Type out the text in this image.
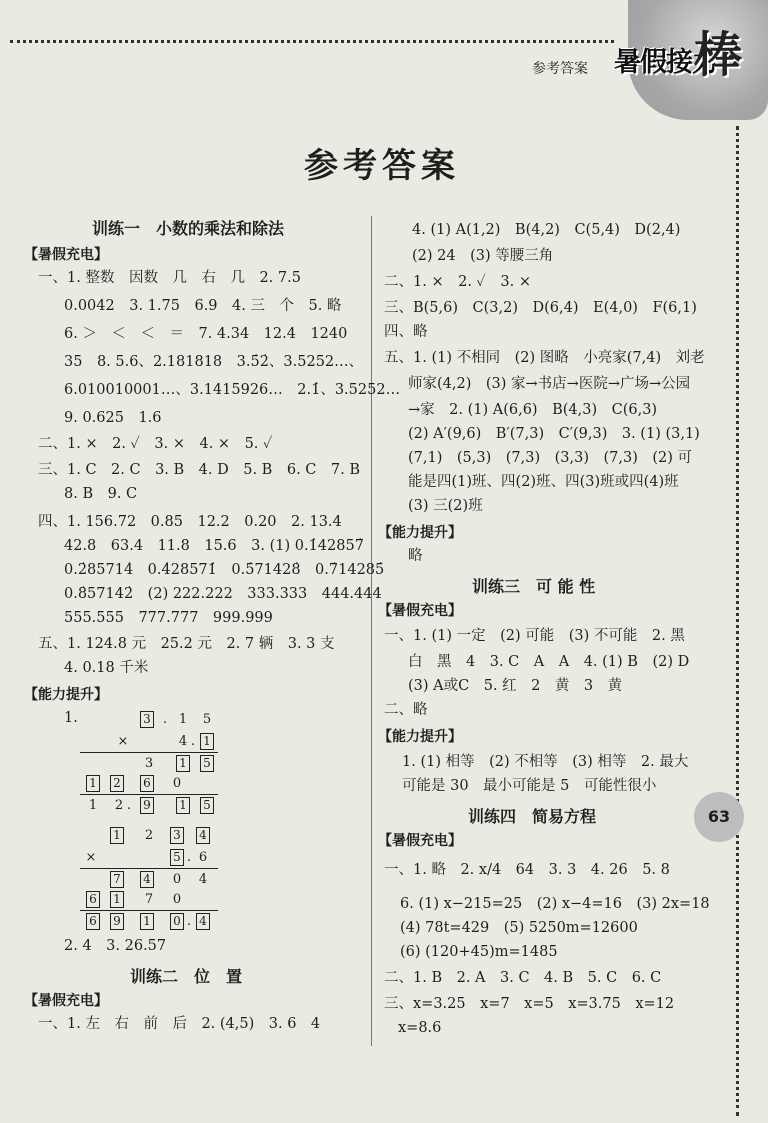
参考答案 暑假接力
棒
参考答案
训练一　小数的乘法和除法
【暑假充电】
一、1. 整数　因数　几　右　几　2. 7.5
0.0042　3. 1.75　6.9　4. 三　个　5. 略
6. ＞　＜　＜　＝　7. 4.34　12.4　1240
35　8. 5.6、2.181818　3.5̇2̇、3.5252…、
6.010010001…、3.1415926…　2.1̇、3.5252…
9. 0.625　1.6
二、1. ×　2. ✓　3. ×　4. ×　5. ✓
三、1. C　2. C　3. B　4. D　5. B　6. C　7. B
8. B　9. C
四、1. 156.72　0.85　12.2　0.20　2. 13.4
42.8　63.4　11.8　15.6　3. (1) 0.1̇42857̇
0.2̇85714̇　0.4̇28571̇　0.5̇71428̇　0.7̇14285̇
0.8̇57142̇　(2) 222.222　333.333　444.444
555.555　777.777　999.999
五、1. 124.8 元　25.2 元　2. 7 辆　3. 3 支
4. 0.18 千米
【能力提升】
1.	3 . 1 5
×	4 . 1
3 1 5
1 2 6 0
1 2 .	9 1 5
1 2 3 4
×	5 . 6
7 4 0 4
6 1 7 0
6 9 1 0 . 4
2. 4　3. 26.57
训练二　位　置
【暑假充电】
一、1. 左　右　前　后　2. (4,5)　3. 6　4
4. (1) A(1,2)　B(4,2)　C(5,4)　D(2,4)
(2) 24　(3) 等腰三角
二、1. ×　2. ✓　3. ×
三、B(5,6)　C(3,2)　D(6,4)　E(4,0)　F(6,1)
四、略
五、1. (1) 不相同　(2) 图略　小亮家(7,4)　刘老
师家(4,2)　(3) 家→书店→医院→广场→公园
→家　2. (1) A(6,6)　B(4,3)　C(6,3)
(2) A′(9,6)　B′(7,3)　C′(9,3)　3. (1) (3,1)
(7,1)　(5,3)　(7,3)　(3,3)　(7,3)　(2) 可
能是四(1)班、四(2)班、四(3)班或四(4)班
(3) 三(2)班
【能力提升】
略
训练三　可 能 性
【暑假充电】
一、1. (1) 一定　(2) 可能　(3) 不可能　2. 黑
白　黑　4　3. C　A　A　4. (1) B　(2) D
(3) A或C　5. 红　2　黄　3　黄
二、略
【能力提升】
1. (1) 相等　(2) 不相等　(3) 相等　2. 最大
可能是 30　最小可能是 5　可能性很小
训练四　简易方程
【暑假充电】
一、1. 略　2. x/4　64　3. 3　4. 26　5. 8
6. (1) x−215=25　(2) x−4=16　(3) 2x=18
(4) 78t=429　(5) 5250m=12600
(6) (120+45)m=1485
二、1. B　2. A　3. C　4. B　5. C　6. C
三、x=3.25　x=7　x=5　x=3.75　x=12
x=8.6
63
